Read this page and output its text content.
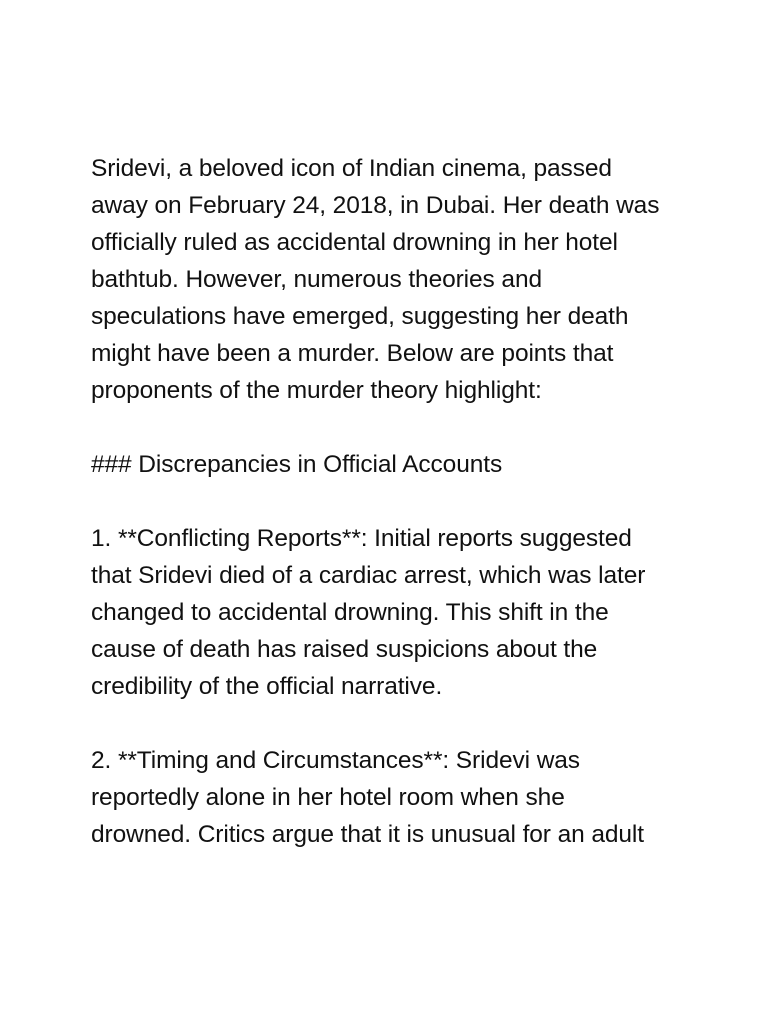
Sridevi, a beloved icon of Indian cinema, passed
away on February 24, 2018, in Dubai. Her death was
officially ruled as accidental drowning in her hotel
bathtub. However, numerous theories and
speculations have emerged, suggesting her death
might have been a murder. Below are points that
proponents of the murder theory highlight:

### Discrepancies in Official Accounts

1. **Conflicting Reports**: Initial reports suggested
that Sridevi died of a cardiac arrest, which was later
changed to accidental drowning. This shift in the
cause of death has raised suspicions about the
credibility of the official narrative.

2. **Timing and Circumstances**: Sridevi was
reportedly alone in her hotel room when she
drowned. Critics argue that it is unusual for an adult
